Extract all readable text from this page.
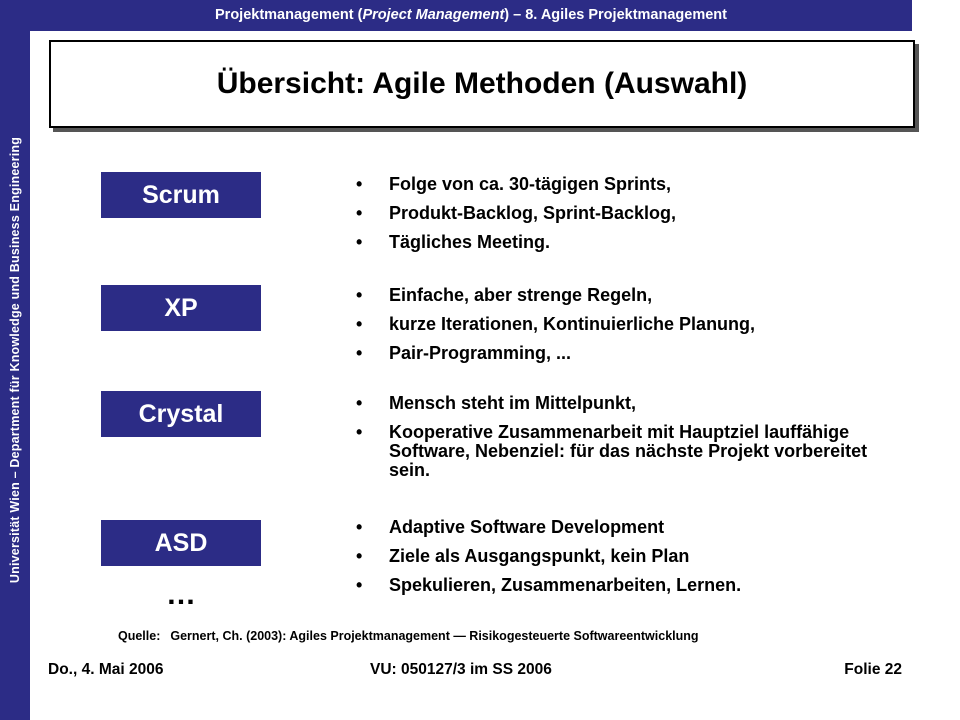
Universität Wien – Department für Knowledge und Business Engineering
Projektmanagement (Project Management) – 8. Agiles Projektmanagement
Übersicht: Agile Methoden (Auswahl)
Scrum	• Folge von ca. 30-tägigen Sprints,
• Produkt-Backlog, Sprint-Backlog,
• Tägliches Meeting.
XP	• Einfache, aber strenge Regeln,
• kurze Iterationen, Kontinuierliche Planung,
• Pair-Programming, ...
Crystal	• Mensch steht im Mittelpunkt,
• Kooperative Zusammenarbeit mit Hauptziel lauffähige Software, Nebenziel: für das nächste Projekt vorbereitet sein.
ASD
• Adaptive Software Development
• Ziele als Ausgangspunkt, kein Plan
• Spekulieren, Zusammenarbeiten, Lernen.
…
Quelle: Gernert, Ch. (2003): Agiles Projektmanagement — Risikogesteuerte Softwareentwicklung
Do., 4. Mai 2006	VU: 050127/3 im SS 2006	Folie 22
